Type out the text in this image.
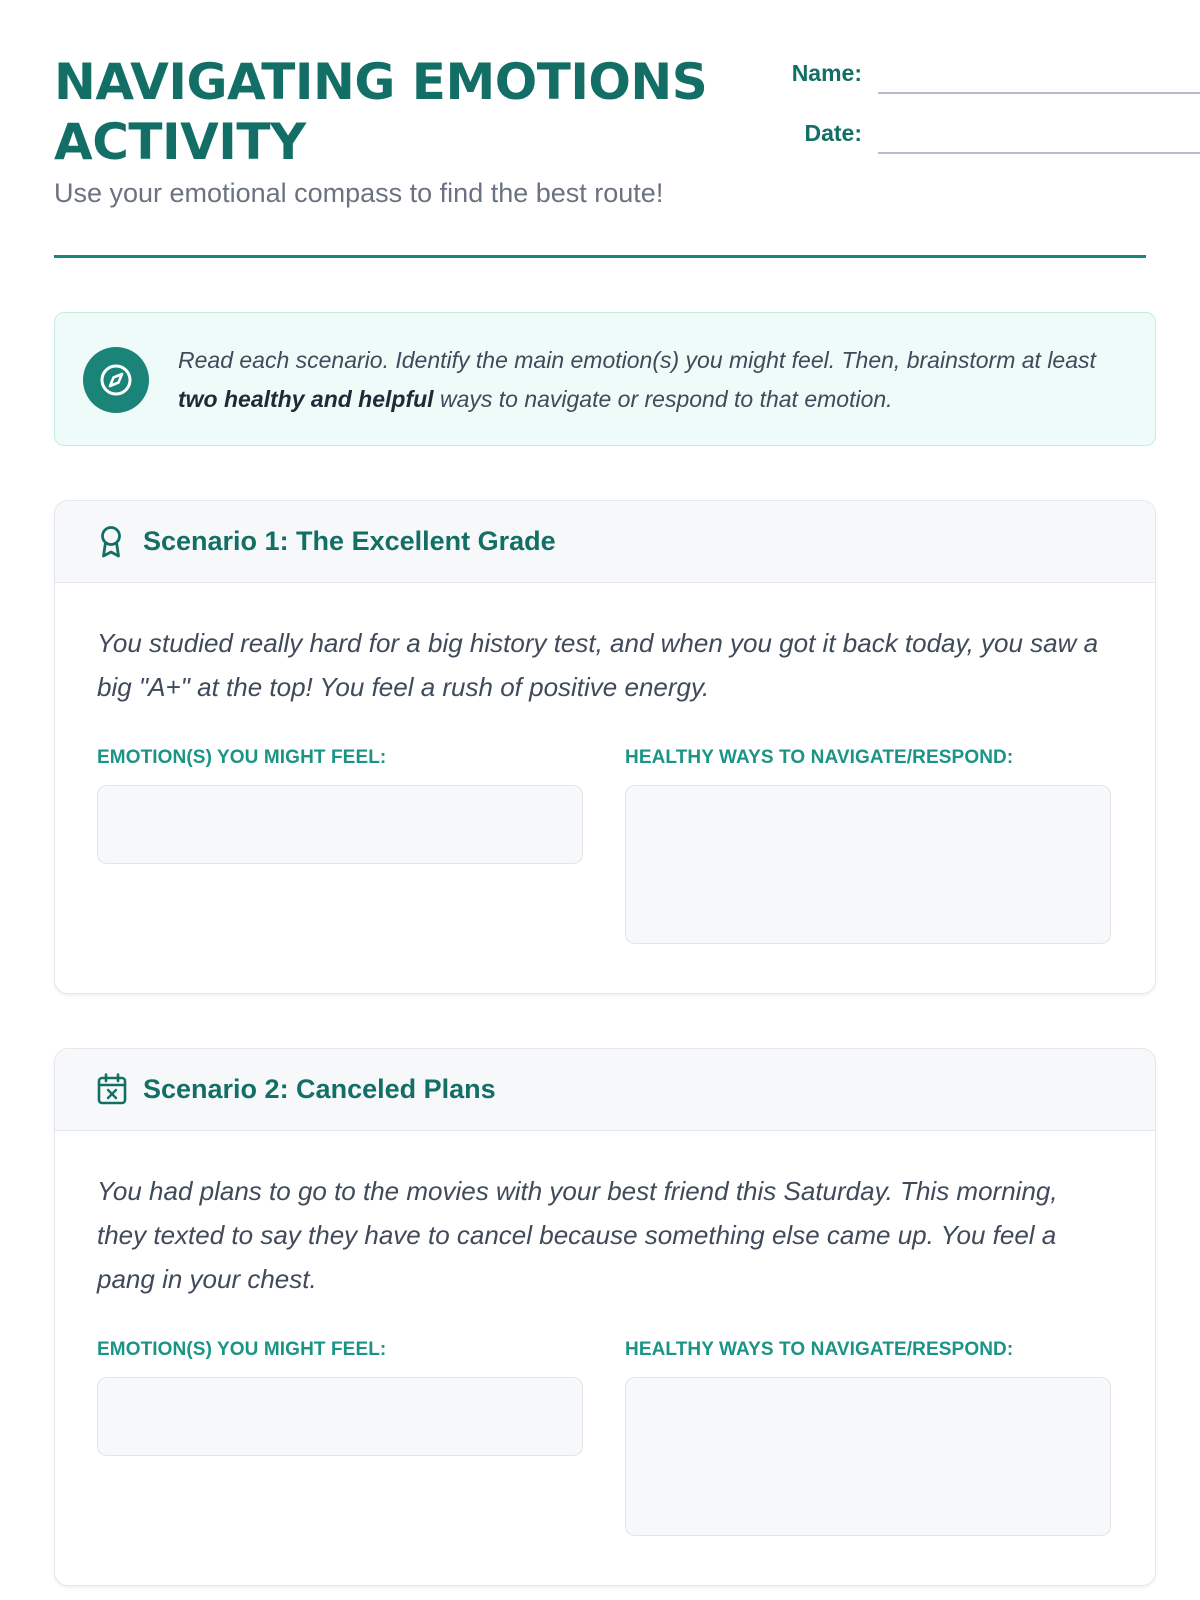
NAVIGATING EMOTIONS ACTIVITY
Use your emotional compass to find the best route!
Name:
Date:

Read each scenario. Identify the main emotion(s) you might feel. Then, brainstorm at least two healthy and helpful ways to navigate or respond to that emotion.

Scenario 1: The Excellent Grade

You studied really hard for a big history test, and when you got it back today, you saw a big "A+" at the top! You feel a rush of positive energy.

EMOTION(S) YOU MIGHT FEEL:	HEALTHY WAYS TO NAVIGATE/RESPOND:
Scenario 2: Canceled Plans

You had plans to go to the movies with your best friend this Saturday. This morning, they texted to say they have to cancel because something else came up. You feel a pang in your chest.

EMOTION(S) YOU MIGHT FEEL:	HEALTHY WAYS TO NAVIGATE/RESPOND:
